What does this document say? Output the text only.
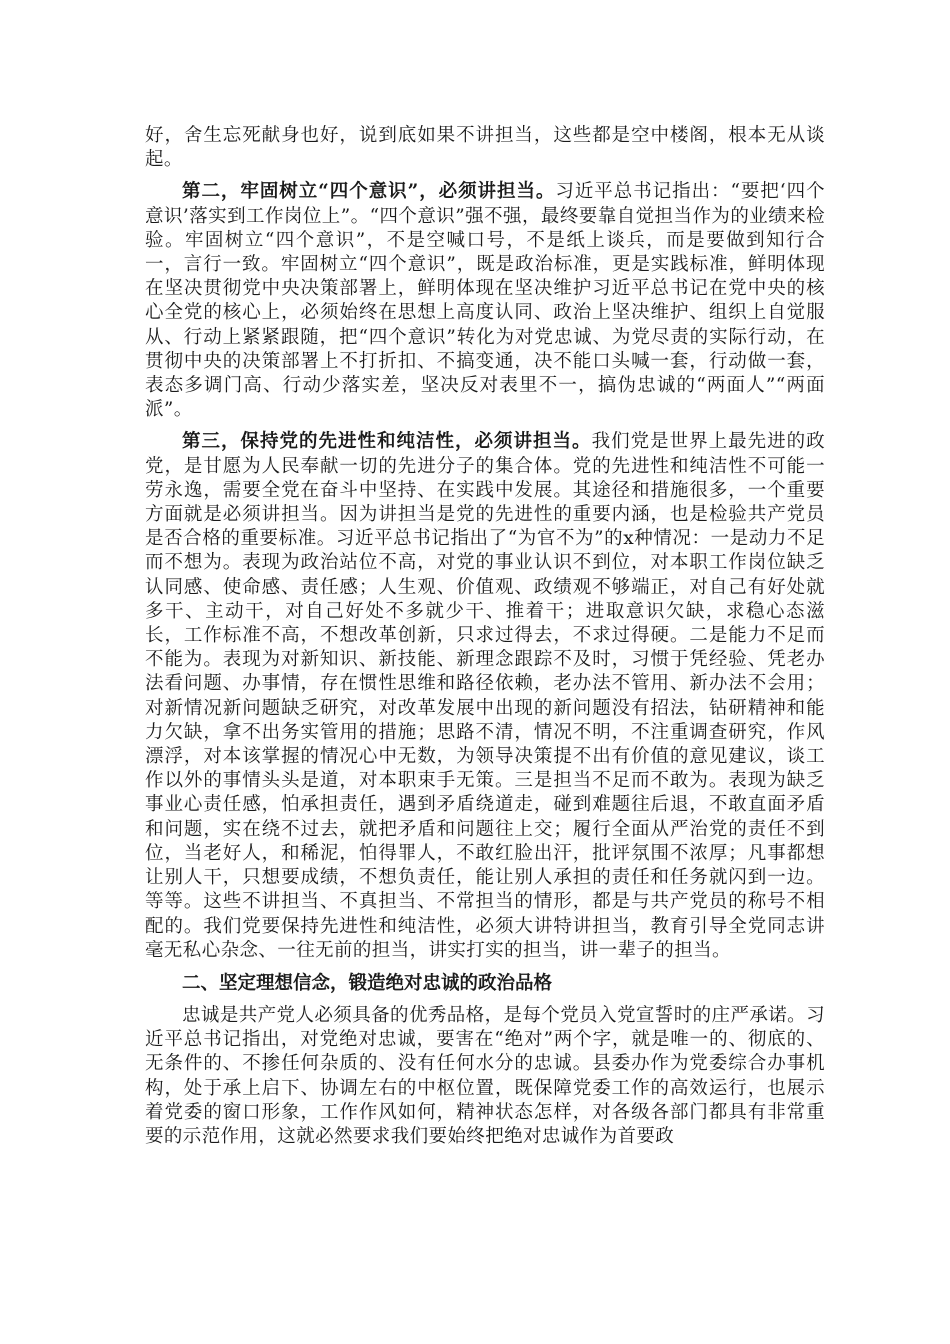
好，舍生忘死献身也好，说到底如果不讲担当，这些都是空中楼阁，根本无从谈起。

第二，牢固树立“四个意识”，必须讲担当。习近平总书记指出：“要把‘四个意识’落实到工作岗位上”。“四个意识”强不强，最终要靠自觉担当作为的业绩来检验。牢固树立“四个意识”，不是空喊口号，不是纸上谈兵，而是要做到知行合一，言行一致。牢固树立“四个意识”，既是政治标准，更是实践标准，鲜明体现在坚决贯彻党中央决策部署上，鲜明体现在坚决维护习近平总书记在党中央的核心全党的核心上，必须始终在思想上高度认同、政治上坚决维护、组织上自觉服从、行动上紧紧跟随，把“四个意识”转化为对党忠诚、为党尽责的实际行动，在贯彻中央的决策部署上不打折扣、不搞变通，决不能口头喊一套，行动做一套，表态多调门高、行动少落实差，坚决反对表里不一，搞伪忠诚的“两面人”“两面派”。

第三，保持党的先进性和纯洁性，必须讲担当。我们党是世界上最先进的政党，是甘愿为人民奉献一切的先进分子的集合体。党的先进性和纯洁性不可能一劳永逸，需要全党在奋斗中坚持、在实践中发展。其途径和措施很多，一个重要方面就是必须讲担当。因为讲担当是党的先进性的重要内涵，也是检验共产党员是否合格的重要标准。习近平总书记指出了“为官不为”的x种情况：一是动力不足而不想为。表现为政治站位不高，对党的事业认识不到位，对本职工作岗位缺乏认同感、使命感、责任感；人生观、价值观、政绩观不够端正，对自己有好处就多干、主动干，对自己好处不多就少干、推着干；进取意识欠缺，求稳心态滋长，工作标准不高，不想改革创新，只求过得去，不求过得硬。二是能力不足而不能为。表现为对新知识、新技能、新理念跟踪不及时，习惯于凭经验、凭老办法看问题、办事情，存在惯性思维和路径依赖，老办法不管用、新办法不会用；对新情况新问题缺乏研究，对改革发展中出现的新问题没有招法，钻研精神和能力欠缺，拿不出务实管用的措施；思路不清，情况不明，不注重调查研究，作风漂浮，对本该掌握的情况心中无数，为领导决策提不出有价值的意见建议，谈工作以外的事情头头是道，对本职束手无策。三是担当不足而不敢为。表现为缺乏事业心责任感，怕承担责任，遇到矛盾绕道走，碰到难题往后退，不敢直面矛盾和问题，实在绕不过去，就把矛盾和问题往上交；履行全面从严治党的责任不到位，当老好人，和稀泥，怕得罪人，不敢红脸出汗，批评氛围不浓厚；凡事都想让别人干，只想要成绩，不想负责任，能让别人承担的责任和任务就闪到一边。等等。这些不讲担当、不真担当、不常担当的情形，都是与共产党员的称号不相配的。我们党要保持先进性和纯洁性，必须大讲特讲担当，教育引导全党同志讲毫无私心杂念、一往无前的担当，讲实打实的担当，讲一辈子的担当。

二、坚定理想信念，锻造绝对忠诚的政治品格

忠诚是共产党人必须具备的优秀品格，是每个党员入党宣誓时的庄严承诺。习近平总书记指出，对党绝对忠诚，要害在“绝对”两个字，就是唯一的、彻底的、无条件的、不掺任何杂质的、没有任何水分的忠诚。县委办作为党委综合办事机构，处于承上启下、协调左右的中枢位置，既保障党委工作的高效运行，也展示着党委的窗口形象，工作作风如何，精神状态怎样，对各级各部门都具有非常重要的示范作用，这就必然要求我们要始终把绝对忠诚作为首要政
